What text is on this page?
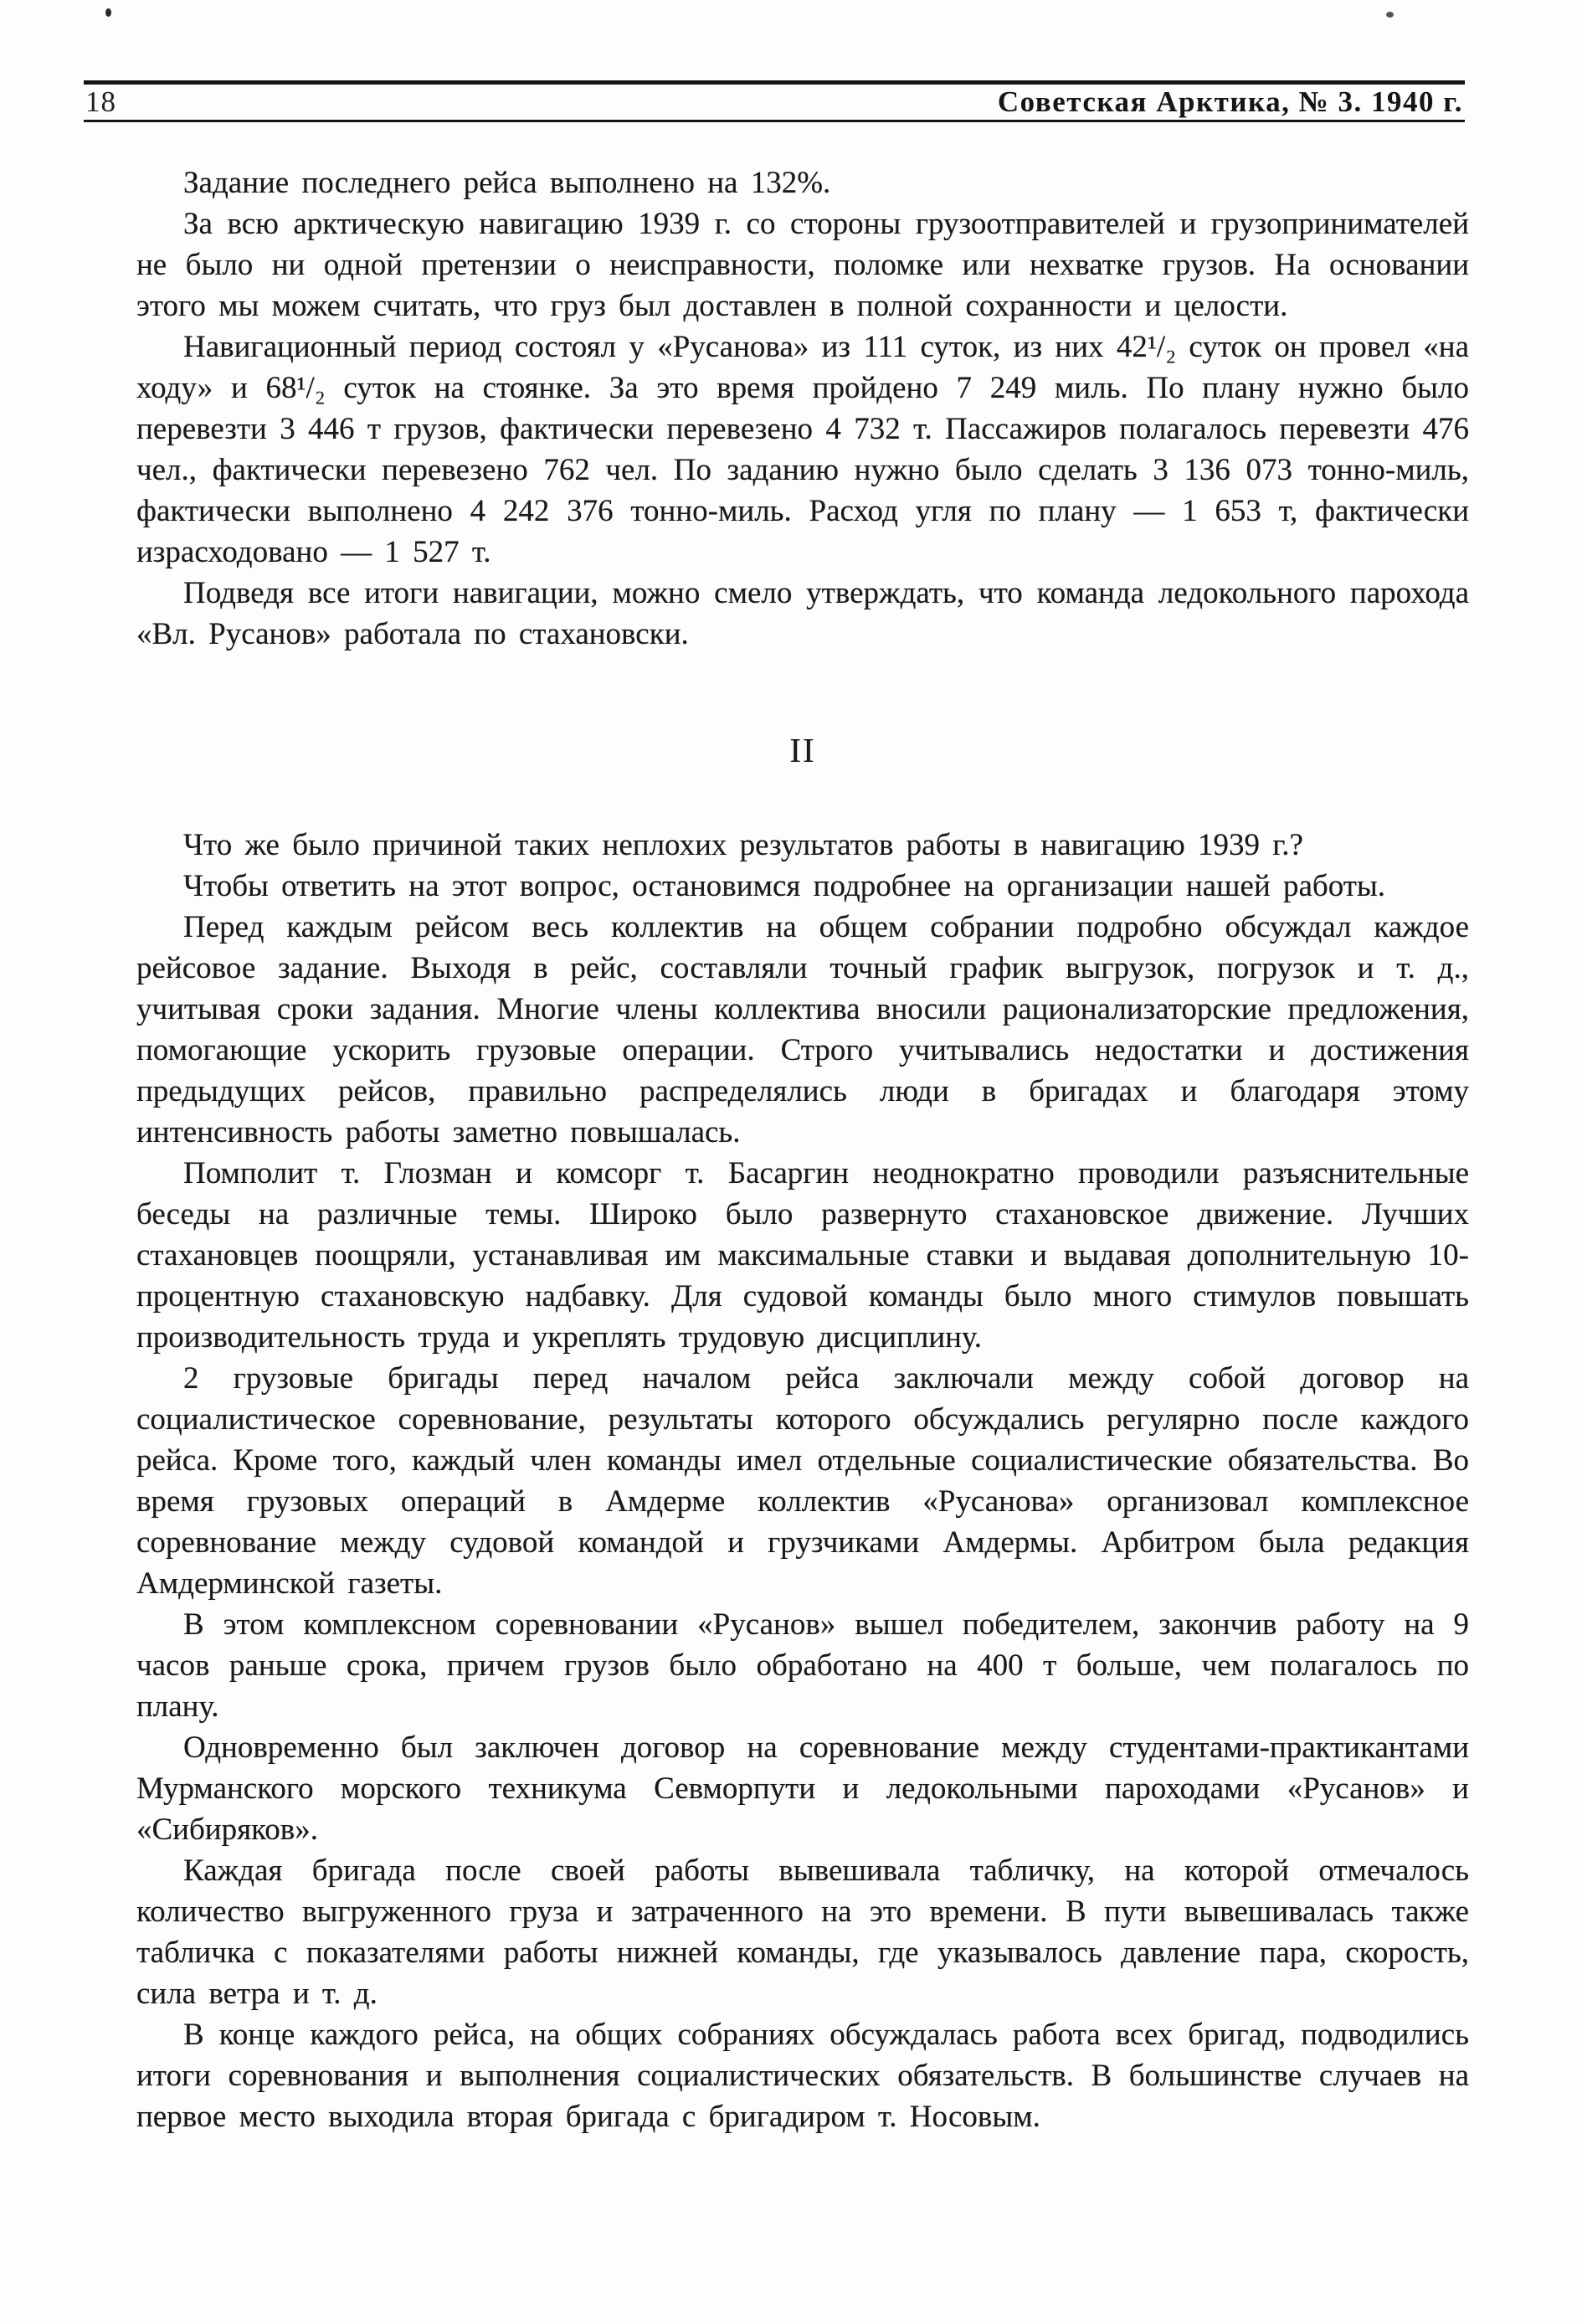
18	Советская Арктика, № 3. 1940 г.

Задание последнего рейса выполнено на 132%.

За всю арктическую навигацию 1939 г. со стороны грузоотправителей и грузопринимателей не было ни одной претензии о неисправности, поломке или нехватке грузов. На основании этого мы можем считать, что груз был доставлен в полной сохранности и целости.

Навигационный период состоял у «Русанова» из 111 суток, из них 42¹/₂ суток он провел «на ходу» и 68¹/₂ суток на стоянке. За это время пройдено 7 249 миль. По плану нужно было перевезти 3 446 т грузов, фактически перевезено 4 732 т. Пассажиров полагалось перевезти 476 чел., фактически перевезено 762 чел. По заданию нужно было сделать 3 136 073 тонно-миль, фактически выполнено 4 242 376 тонно-миль. Расход угля по плану — 1 653 т, фактически израсходовано — 1 527 т.

Подведя все итоги навигации, можно смело утверждать, что команда ледокольного парохода «Вл. Русанов» работала по стахановски.

II

Что же было причиной таких неплохих результатов работы в навигацию 1939 г.?

Чтобы ответить на этот вопрос, остановимся подробнее на организации нашей работы.

Перед каждым рейсом весь коллектив на общем собрании подробно обсуждал каждое рейсовое задание. Выходя в рейс, составляли точный график выгрузок, погрузок и т. д., учитывая сроки задания. Многие члены коллектива вносили рационализаторские предложения, помогающие ускорить грузовые операции. Строго учитывались недостатки и достижения предыдущих рейсов, правильно распределялись люди в бригадах и благодаря этому интенсивность работы заметно повышалась.

Помполит т. Глозман и комсорг т. Басаргин неоднократно проводили разъяснительные беседы на различные темы. Широко было развернуто стахановское движение. Лучших стахановцев поощряли, устанавливая им максимальные ставки и выдавая дополнительную 10-процентную стахановскую надбавку. Для судовой команды было много стимулов повышать производительность труда и укреплять трудовую дисциплину.

2 грузовые бригады перед началом рейса заключали между собой договор на социалистическое соревнование, результаты которого обсуждались регулярно после каждого рейса. Кроме того, каждый член команды имел отдельные социалистические обязательства. Во время грузовых операций в Амдерме коллектив «Русанова» организовал комплексное соревнование между судовой командой и грузчиками Амдермы. Арбитром была редакция Амдерминской газеты.

В этом комплексном соревновании «Русанов» вышел победителем, закончив работу на 9 часов раньше срока, причем грузов было обработано на 400 т больше, чем полагалось по плану.

Одновременно был заключен договор на соревнование между студентами-практикантами Мурманского морского техникума Севморпути и ледокольными пароходами «Русанов» и «Сибиряков».

Каждая бригада после своей работы вывешивала табличку, на которой отмечалось количество выгруженного груза и затраченного на это времени. В пути вывешивалась также табличка с показателями работы нижней команды, где указывалось давление пара, скорость, сила ветра и т. д.

В конце каждого рейса, на общих собраниях обсуждалась работа всех бригад, подводились итоги соревнования и выполнения социалистических обязательств. В большинстве случаев на первое место выходила вторая бригада с бригадиром т. Носовым.
